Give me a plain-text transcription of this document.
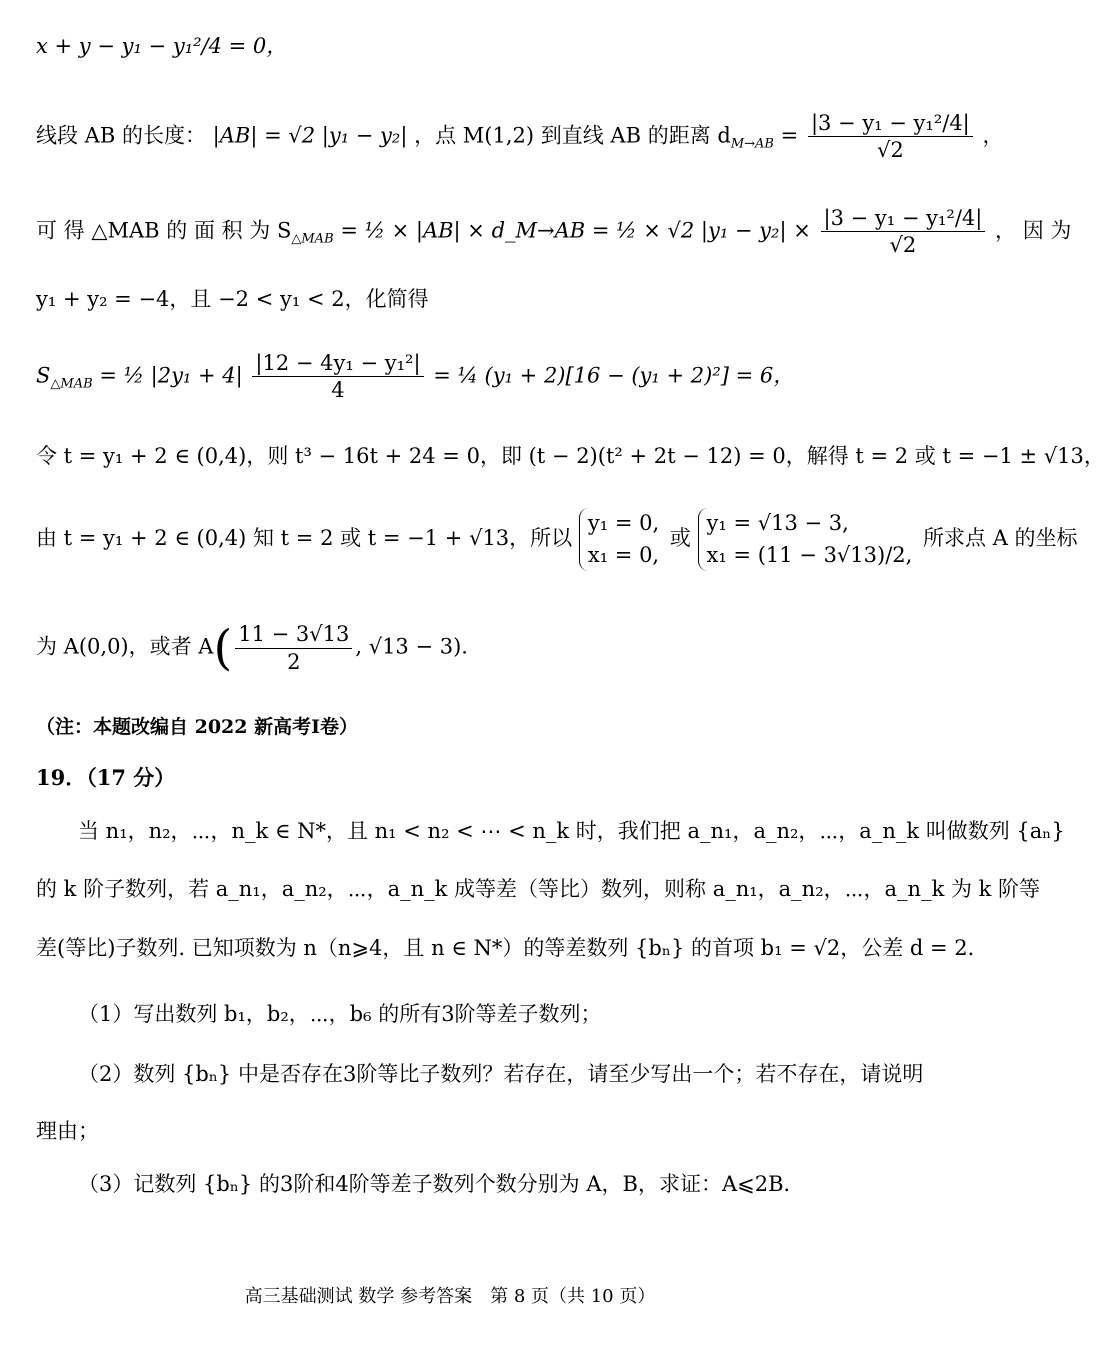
x + y − y₁ − y₁²/4 = 0，
线段 AB 的长度： |AB| = √2 |y₁ − y₂| ，点 M(1,2) 到直线 AB 的距离 $d_{M\to AB} = \frac{\text{|3 − y₁ − y₁²/4|}}{√2}$ ，
可 得 △MAB 的 面 积 为 $S_{\triangle MAB}$ = ½ × |AB| × d_M→AB = ½ × √2 $|y_1 - y_2| \times \frac{\text{|3 − y₁ − y₁²/4|}}{√2}$ ， 因 为
y₁ + y₂ = −4，且 −2 < y₁ < 2，化简得
$S_{\triangle MAB}$ = ½ $|2y_1 + 4| \frac{\text{|12 − 4y₁ − y₁²|}}{4}$ = ¼ (y₁ + 2)[16 − (y₁ + 2)²] = 6，
令 t = y₁ + 2 ∈ (0,4)，则 t³ − 16t + 24 = 0，即 (t − 2)(t² + 2t − 12) = 0，解得 t = 2 或 t = −1 ± √13，
由 t = y₁ + 2 ∈ (0,4) 知 t = 2 或 t = −1 + √13，所以
y₁ = 0,
x₁ = 0,
或
y₁ = √13 − 3,
x₁ = (11 − 3√13)/2,
所求点 A 的坐标
为 A(0,0)，或者 $A( \frac{11 - 3√13}{2}$ , √13 − 3).
（注：本题改编自 2022 新高考I卷）
19．（17 分）
当 n₁，n₂，⋯，n_k ∈ N*，且 n₁ < n₂ < ⋯ < n_k 时，我们把 a_n₁，a_n₂，⋯，a_n_k 叫做数列 {aₙ}
的 k 阶子数列，若 a_n₁，a_n₂，⋯，a_n_k 成等差（等比）数列，则称 a_n₁，a_n₂，⋯，a_n_k 为 k 阶等
差(等比)子数列. 已知项数为 n（n⩾4，且 n ∈ N*）的等差数列 {bₙ} 的首项 b₁ = √2，公差 d = 2．
（1）写出数列 b₁，b₂，⋯，b₆ 的所有3阶等差子数列；
（2）数列 {bₙ} 中是否存在3阶等比子数列？若存在，请至少写出一个；若不存在，请说明
理由；
（3）记数列 {bₙ} 的3阶和4阶等差子数列个数分别为 A，B，求证：A⩽2B．
高三基础测试 数学 参考答案　第 8 页（共 10 页）
